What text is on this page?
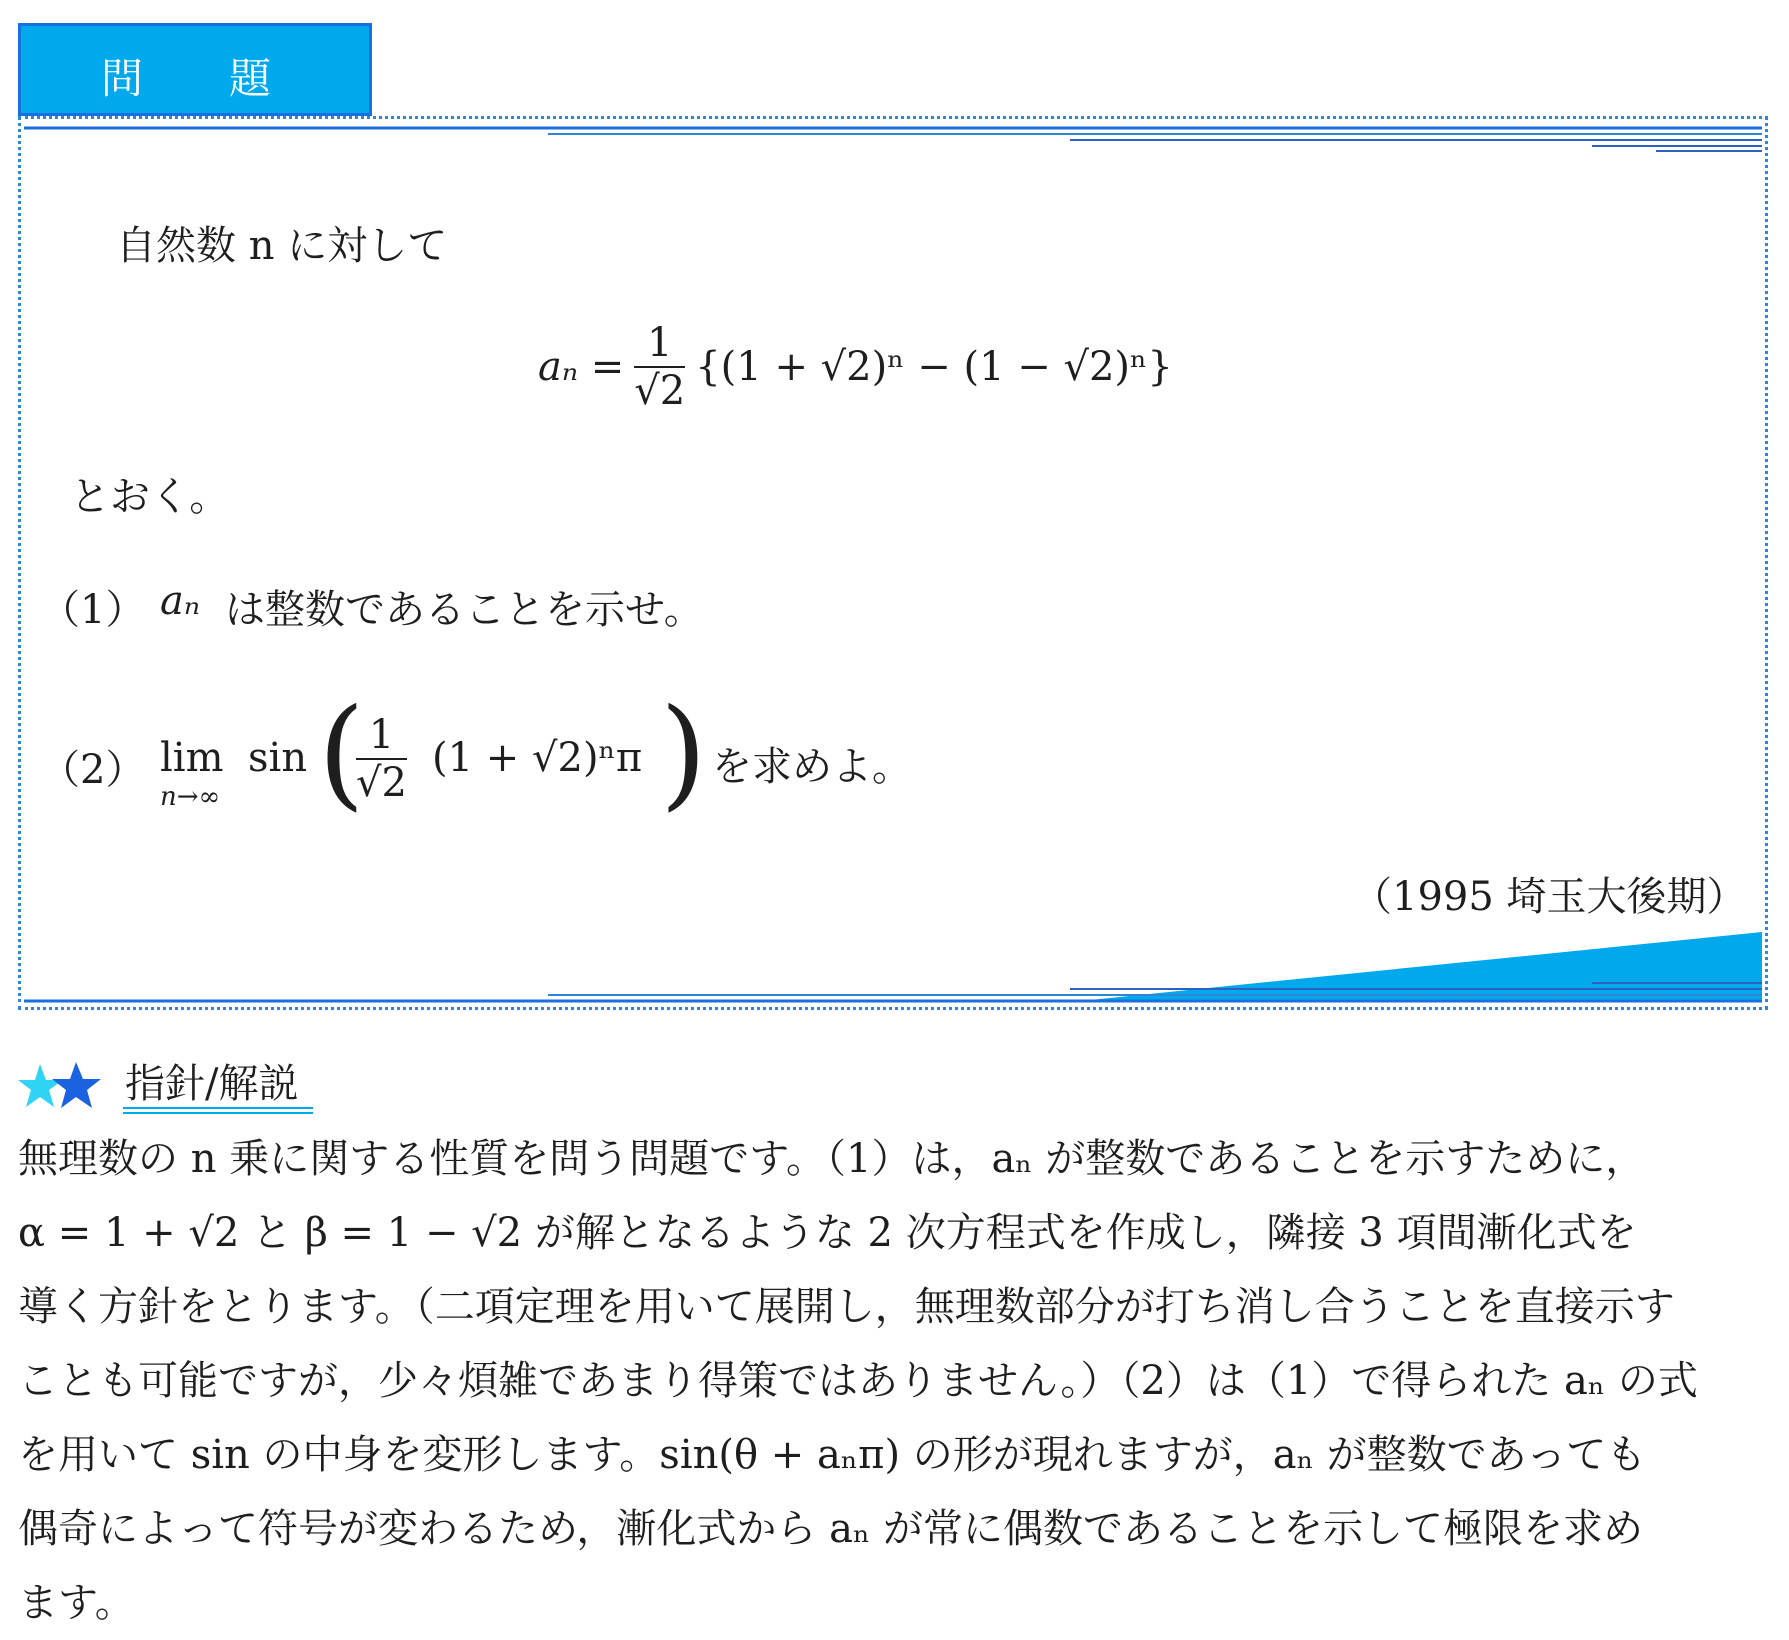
問 題
自然数 n に対して
$a_n = \frac{1}{√2} \{(1 + √2)^n - (1 - √2)^n\}$
とおく。
（1） aₙ は整数であることを示せ。
（2） lim
n→∞
sin (
$\frac{1}{√2} (1 + √2)^n\pi$ ) を求めよ。
（1995 埼玉大後期）
指針/解説
無理数の n 乗に関する性質を問う問題です。（1）は，aₙ が整数であることを示すために，
α = 1 + √2 と β = 1 − √2 が解となるような 2 次方程式を作成し，隣接 3 項間漸化式を
導く方針をとります。（二項定理を用いて展開し，無理数部分が打ち消し合うことを直接示す
ことも可能ですが，少々煩雑であまり得策ではありません。）（2）は（1）で得られた aₙ の式
を用いて sin の中身を変形します。sin(θ + aₙπ) の形が現れますが，aₙ が整数であっても
偶奇によって符号が変わるため，漸化式から aₙ が常に偶数であることを示して極限を求め
ます。
